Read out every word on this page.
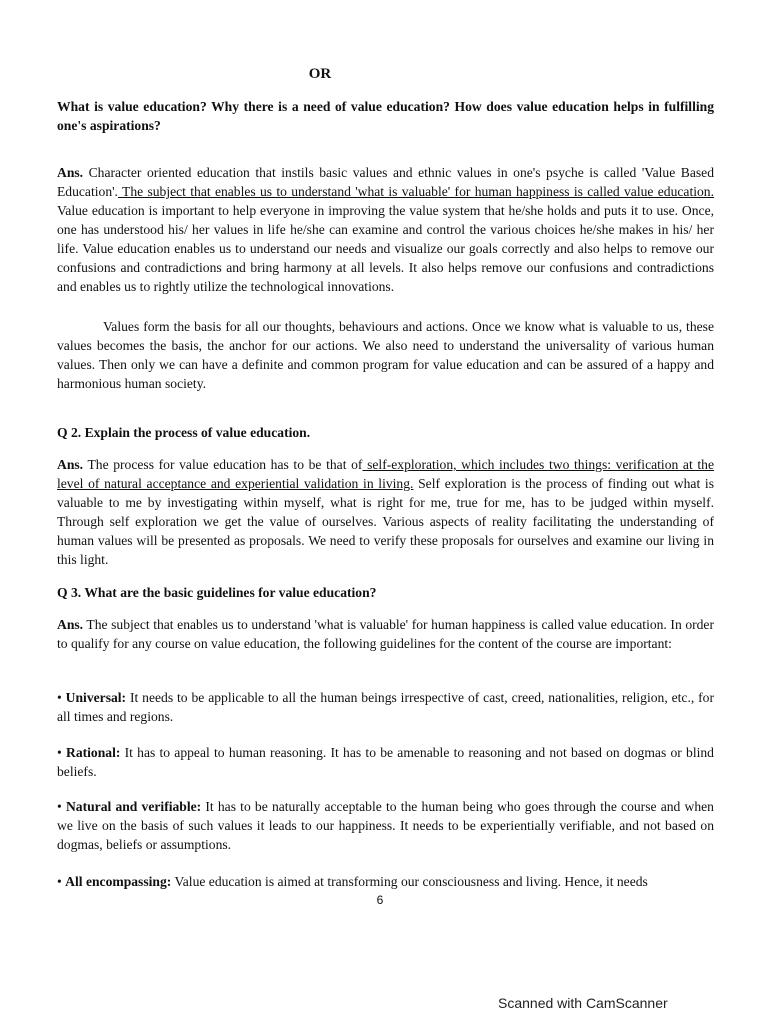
OR

What is value education? Why there is a need of value education? How does value education helps in fulfilling one's aspirations?

Ans. Character oriented education that instils basic values and ethnic values in one's psyche is called 'Value Based Education'. The subject that enables us to understand 'what is valuable' for human happiness is called value education. Value education is important to help everyone in improving the value system that he/she holds and puts it to use. Once, one has understood his/ her values in life he/she can examine and control the various choices he/she makes in his/ her life. Value education enables us to understand our needs and visualize our goals correctly and also helps to remove our confusions and contradictions and bring harmony at all levels. It also helps remove our confusions and contradictions and enables us to rightly utilize the technological innovations.

Values form the basis for all our thoughts, behaviours and actions. Once we know what is valuable to us, these values becomes the basis, the anchor for our actions. We also need to understand the universality of various human values. Then only we can have a definite and common program for value education and can be assured of a happy and harmonious human society.

Q 2. Explain the process of value education.

Ans. The process for value education has to be that of self-exploration, which includes two things: verification at the level of natural acceptance and experiential validation in living. Self exploration is the process of finding out what is valuable to me by investigating within myself, what is right for me, true for me, has to be judged within myself. Through self exploration we get the value of ourselves. Various aspects of reality facilitating the understanding of human values will be presented as proposals. We need to verify these proposals for ourselves and examine our living in this light.

Q 3. What are the basic guidelines for value education?

Ans. The subject that enables us to understand 'what is valuable' for human happiness is called value education. In order to qualify for any course on value education, the following guidelines for the content of the course are important:

• Universal: It needs to be applicable to all the human beings irrespective of cast, creed, nationalities, religion, etc., for all times and regions.

• Rational: It has to appeal to human reasoning. It has to be amenable to reasoning and not based on dogmas or blind beliefs.

• Natural and verifiable: It has to be naturally acceptable to the human being who goes through the course and when we live on the basis of such values it leads to our happiness. It needs to be experientially verifiable, and not based on dogmas, beliefs or assumptions.

• All encompassing: Value education is aimed at transforming our consciousness and living. Hence, it needs

6
Scanned with CamScanner
